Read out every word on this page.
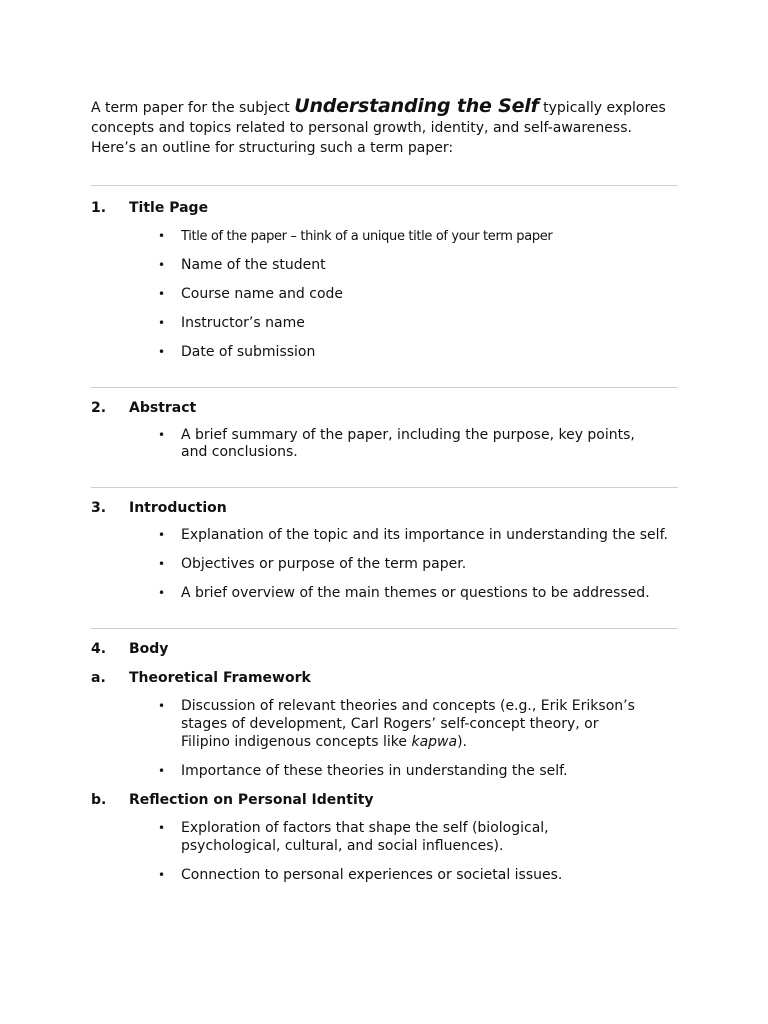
A term paper for the subject Understanding the Self typically explores concepts and topics related to personal growth, identity, and self-awareness. Here’s an outline for structuring such a term paper:

1.	Title Page
• Title of the paper – think of a unique title of your term paper
• Name of the student
• Course name and code
• Instructor’s name
• Date of submission
2.	Abstract
• A brief summary of the paper, including the purpose, key points, and conclusions.
3.	Introduction
• Explanation of the topic and its importance in understanding the self.
• Objectives or purpose of the term paper.
• A brief overview of the main themes or questions to be addressed.
4.	Body
a.	Theoretical Framework
• Discussion of relevant theories and concepts (e.g., Erik Erikson’s stages of development, Carl Rogers’ self-concept theory, or Filipino indigenous concepts like kapwa).
• Importance of these theories in understanding the self.
b.	Reflection on Personal Identity
• Exploration of factors that shape the self (biological, psychological, cultural, and social influences).
• Connection to personal experiences or societal issues.
